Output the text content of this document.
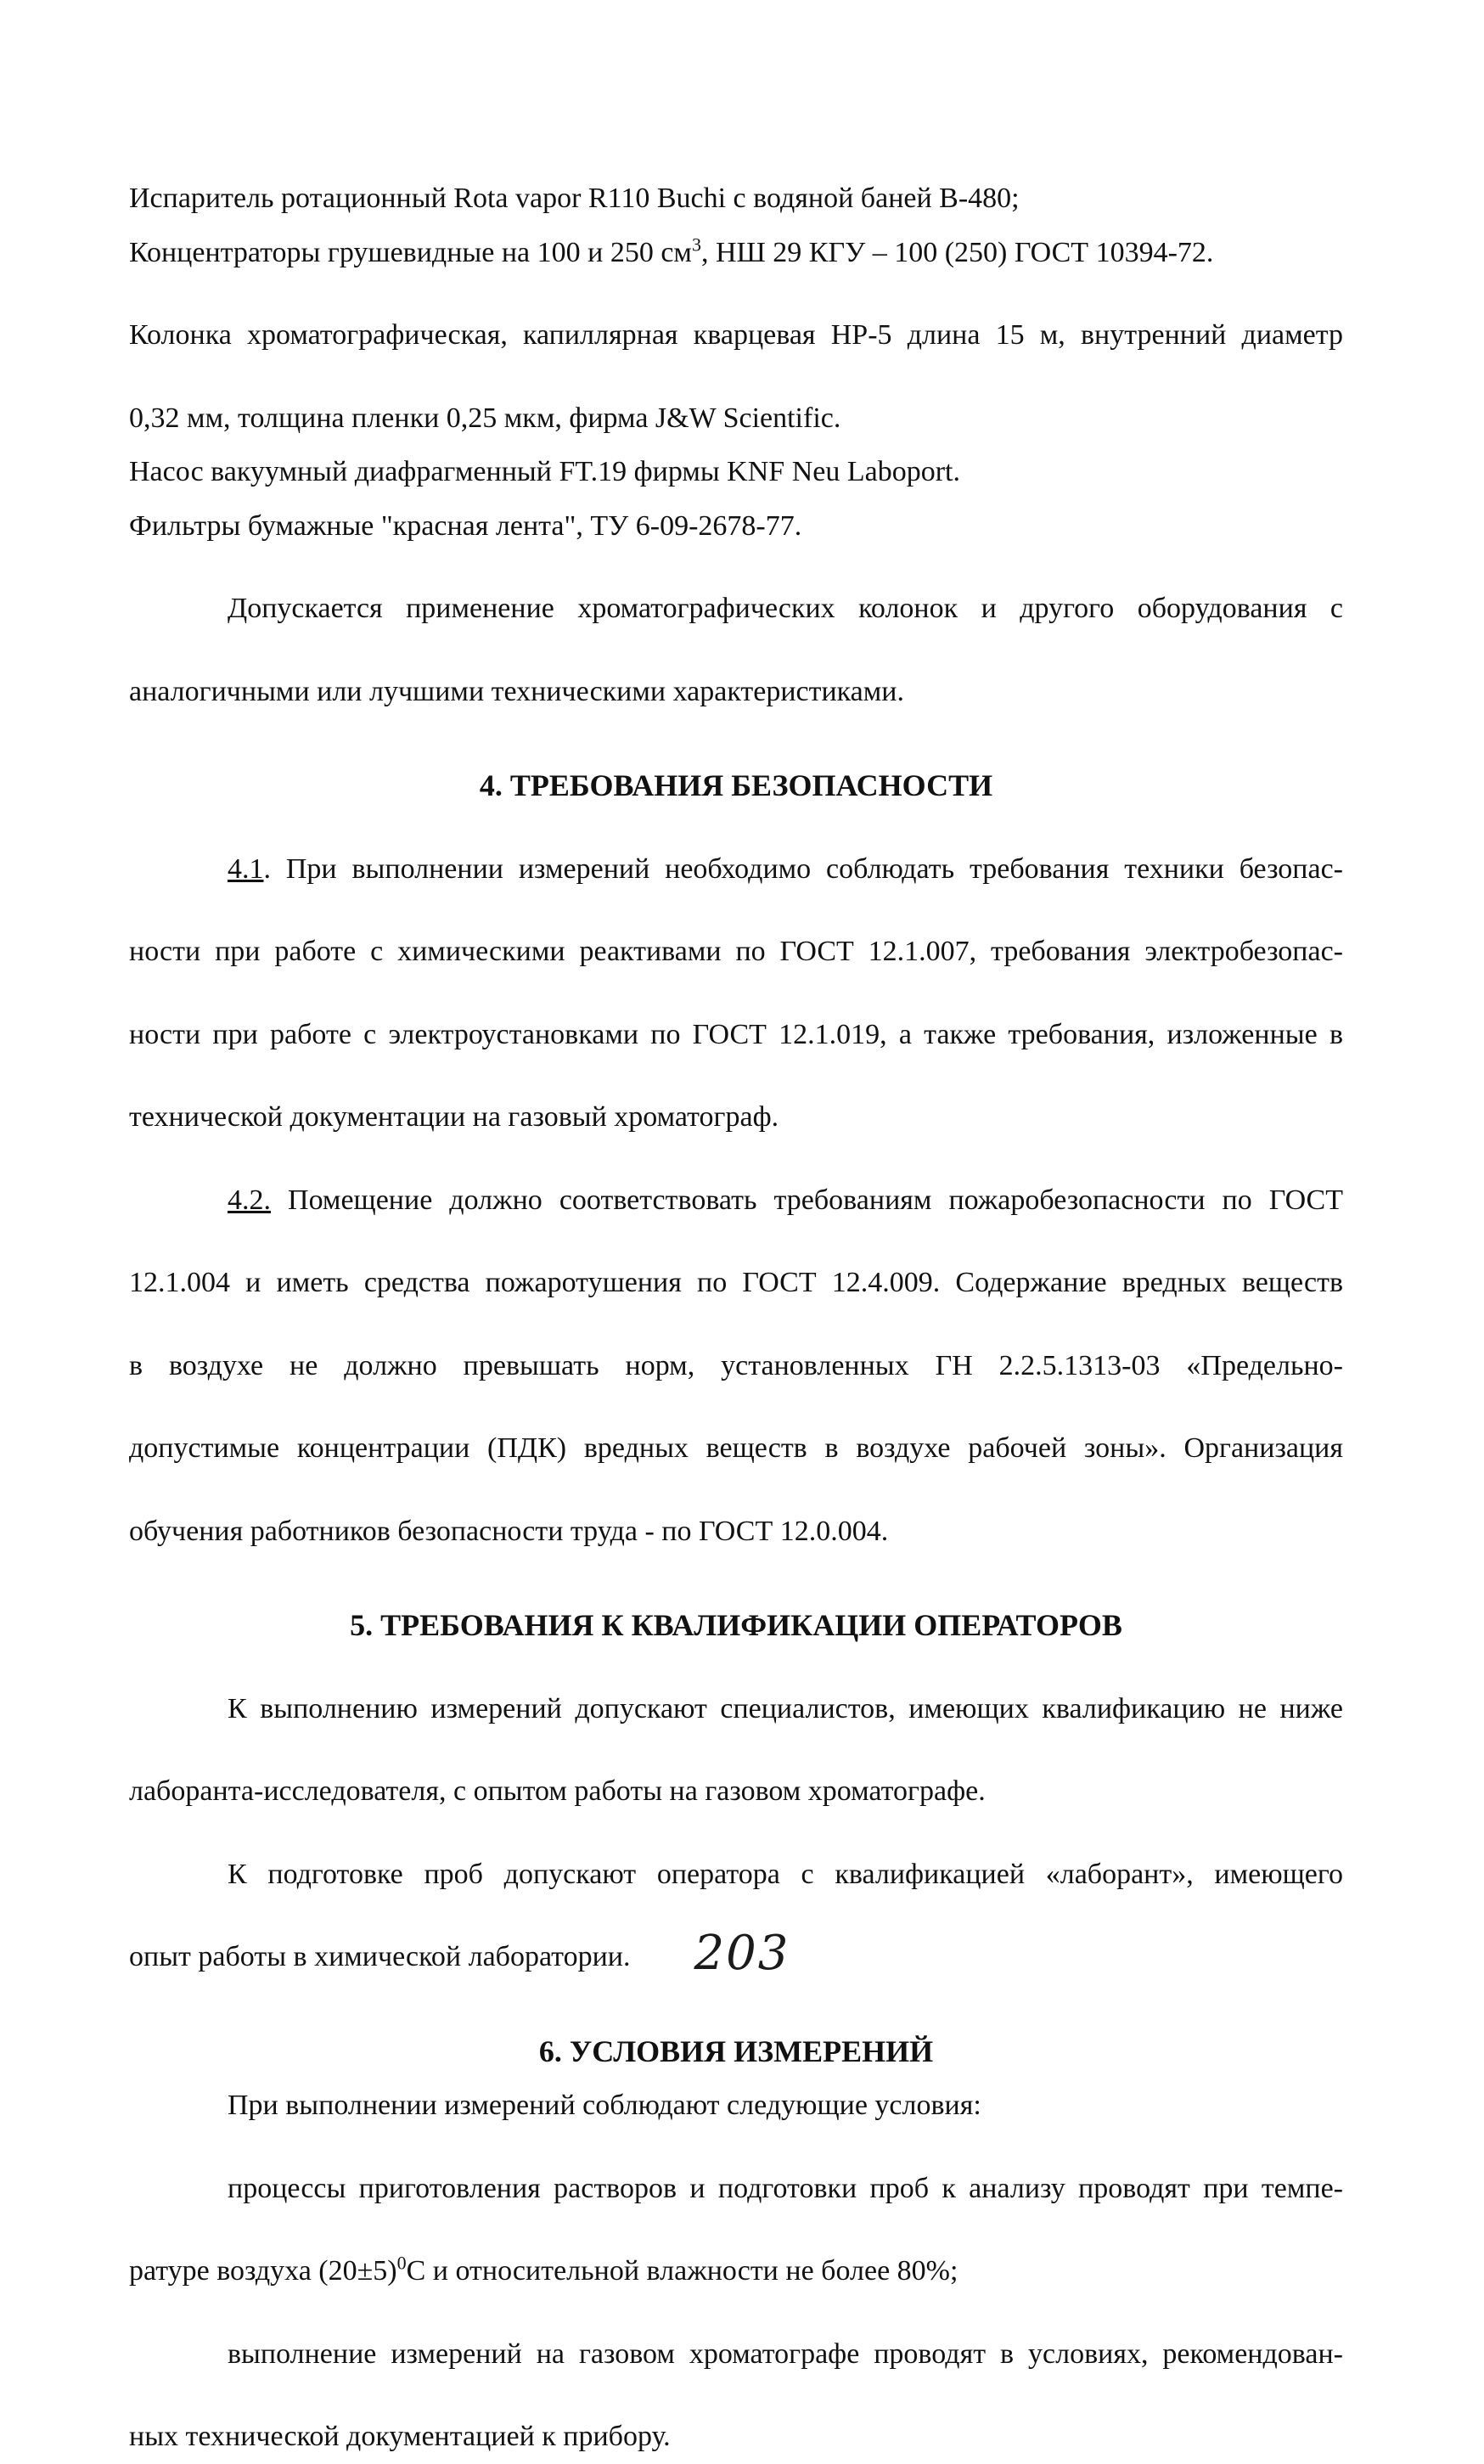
Испаритель ротационный Rota vapor R110 Buchi с водяной баней В-480;

Концентраторы грушевидные на 100 и 250 $см^3$, НШ 29 КГУ – 100 (250) ГОСТ 10394-72.

Колонка хроматографическая, капиллярная кварцевая HP-5 длина 15 м, внутренний диаметр

0,32 мм, толщина пленки 0,25 мкм, фирма J&W Scientific.

Насос вакуумный диафрагменный FT.19 фирмы KNF Neu Laboport.

Фильтры бумажные "красная лента", ТУ 6-09-2678-77.

Допускается применение хроматографических колонок и другого оборудования с

аналогичными или лучшими техническими характеристиками.

4. ТРЕБОВАНИЯ БЕЗОПАСНОСТИ

4.1. При выполнении измерений необходимо соблюдать требования техники безопас-

ности при работе с химическими реактивами по ГОСТ 12.1.007, требования электробезопас-

ности при работе с электроустановками по ГОСТ 12.1.019, а также требования, изложенные в

технической документации на газовый хроматограф.

4.2. Помещение должно соответствовать требованиям пожаробезопасности по ГОСТ

12.1.004 и иметь средства пожаротушения по ГОСТ 12.4.009. Содержание вредных веществ

в воздухе не должно превышать норм, установленных ГН 2.2.5.1313-03 «Предельно-

допустимые концентрации (ПДК) вредных веществ в воздухе рабочей зоны». Организация

обучения работников безопасности труда - по ГОСТ 12.0.004.

5. ТРЕБОВАНИЯ К КВАЛИФИКАЦИИ ОПЕРАТОРОВ

К выполнению измерений допускают специалистов, имеющих квалификацию не ниже

лаборанта-исследователя, с опытом работы на газовом хроматографе.

К подготовке проб допускают оператора с квалификацией «лаборант», имеющего

опыт работы в химической лаборатории.

6. УСЛОВИЯ ИЗМЕРЕНИЙ

При выполнении измерений соблюдают следующие условия:

процессы приготовления растворов и подготовки проб к анализу проводят при темпе-

ратуре воздуха $(20\pm 5)^0С$ и относительной влажности не более 80%;

выполнение измерений на газовом хроматографе проводят в условиях, рекомендован-

ных технической документацией к прибору.

203
